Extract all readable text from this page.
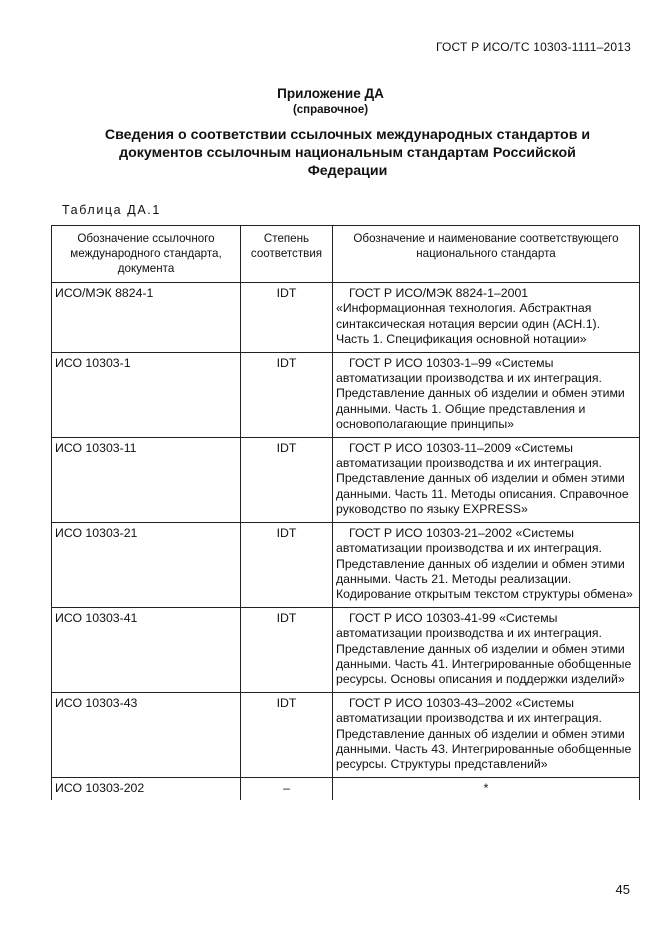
ГОСТ Р ИСО/ТС 10303-1111–2013
Приложение ДА
(справочное)
Сведения о соответствии ссылочных международных стандартов и документов ссылочным национальным стандартам Российской Федерации
Таблица ДА.1
Обозначение ссылочного международного стандарта, документа	Степень соответствия	Обозначение и наименование соответствующего национального стандарта
ИСО/МЭК 8824-1	IDT	ГОСТ Р ИСО/МЭК 8824-1–2001 «Информационная технология. Абстрактная синтаксическая нотация версии один (АСН.1). Часть 1. Спецификация основной нотации»
ИСО 10303-1	IDT	ГОСТ Р ИСО 10303-1–99 «Системы автоматизации производства и их интеграция. Представление данных об изделии и обмен этими данными. Часть 1. Общие представления и основополагающие принципы»
ИСО 10303-11	IDT	ГОСТ Р ИСО 10303-11–2009 «Системы автоматизации производства и их интеграция. Представление данных об изделии и обмен этими данными. Часть 11. Методы описания. Справочное руководство по языку EXPRESS»
ИСО 10303-21	IDT	ГОСТ Р ИСО 10303-21–2002 «Системы автоматизации производства и их интеграция. Представление данных об изделии и обмен этими данными. Часть 21. Методы реализации. Кодирование открытым текстом структуры обмена»
ИСО 10303-41	IDT	ГОСТ Р ИСО 10303-41-99 «Системы автоматизации производства и их интеграция. Представление данных об изделии и обмен этими данными. Часть 41. Интегрированные обобщенные ресурсы. Основы описания и поддержки изделий»
ИСО 10303-43	IDT	ГОСТ Р ИСО 10303-43–2002 «Системы автоматизации производства и их интеграция. Представление данных об изделии и обмен этими данными. Часть 43. Интегрированные обобщенные ресурсы. Структуры представлений»
ИСО 10303-202	–	*
45
